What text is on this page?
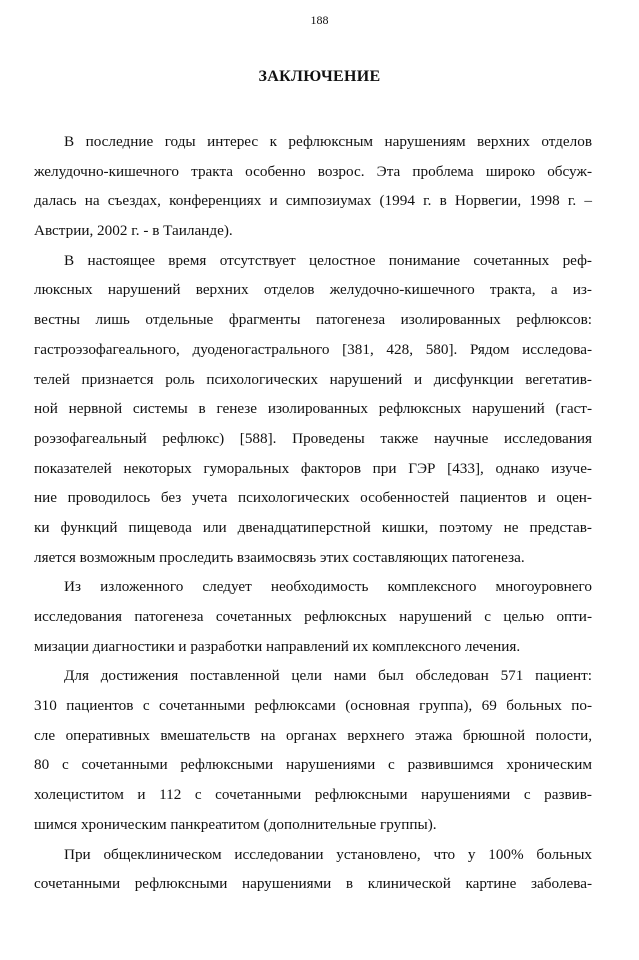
188
ЗАКЛЮЧЕНИЕ
В последние годы интерес к рефлюксным нарушениям верхних отделов
желудочно-кишечного тракта особенно возрос. Эта проблема широко обсуж-
далась на съездах, конференциях и симпозиумах (1994 г. в Норвегии, 1998 г. –
Австрии, 2002 г. - в Таиланде).
В настоящее время отсутствует целостное понимание сочетанных реф-
люксных нарушений верхних отделов желудочно-кишечного тракта, а из-
вестны лишь отдельные фрагменты патогенеза изолированных рефлюксов:
гастроэзофагеального, дуоденогастрального [381, 428, 580]. Рядом исследова-
телей признается роль психологических нарушений и дисфункции вегетатив-
ной нервной системы в генезе изолированных рефлюксных нарушений (гаст-
роэзофагеальный рефлюкс) [588]. Проведены также научные исследования
показателей некоторых гуморальных факторов при ГЭР [433], однако изуче-
ние проводилось без учета психологических особенностей пациентов и оцен-
ки функций пищевода или двенадцатиперстной кишки, поэтому не представ-
ляется возможным проследить взаимосвязь этих составляющих патогенеза.
Из изложенного следует необходимость комплексного многоуровнего
исследования патогенеза сочетанных рефлюксных нарушений с целью опти-
мизации диагностики и разработки направлений их комплексного лечения.
Для достижения поставленной цели нами был обследован 571 пациент:
310 пациентов с сочетанными рефлюксами (основная группа), 69 больных по-
сле оперативных вмешательств на органах верхнего этажа брюшной полости,
80 с сочетанными рефлюксными нарушениями с развившимся хроническим
холециститом и 112 с сочетанными рефлюксными нарушениями с развив-
шимся хроническим панкреатитом (дополнительные группы).
При общеклиническом исследовании установлено, что у 100% больных
сочетанными рефлюксными нарушениями в клинической картине заболева-
